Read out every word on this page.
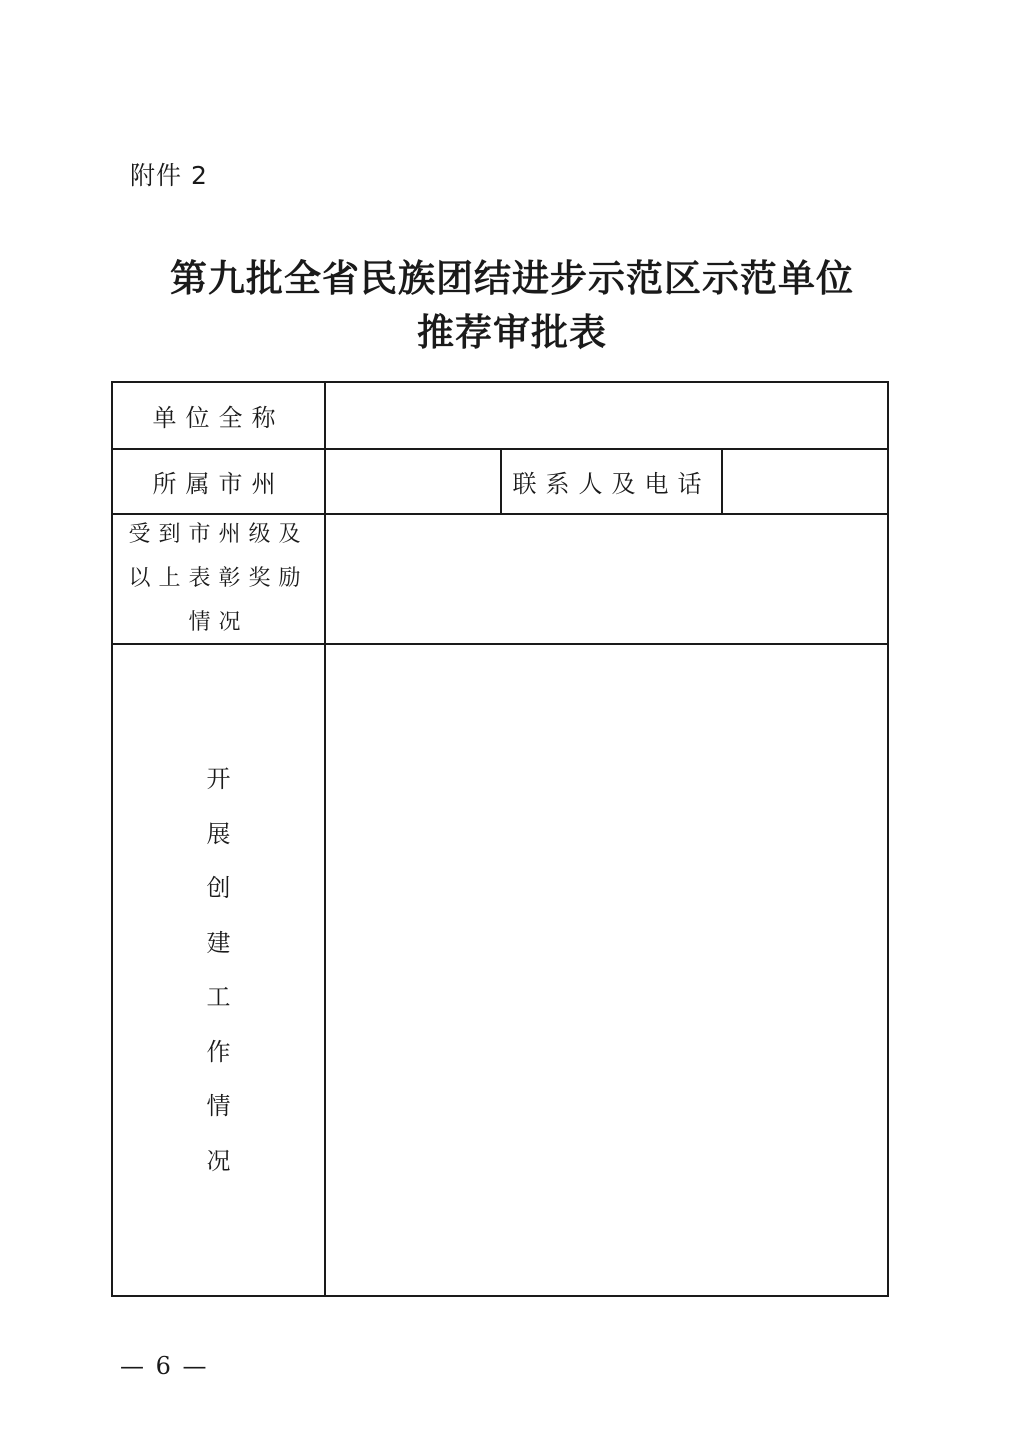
附件 2
第九批全省民族团结进步示范区示范单位
推荐审批表
单位全称
所属市州	联系人及电话
受到市州级及
以上表彰奖励
情况
开
展
创
建
工
作
情
况
— 6 —
